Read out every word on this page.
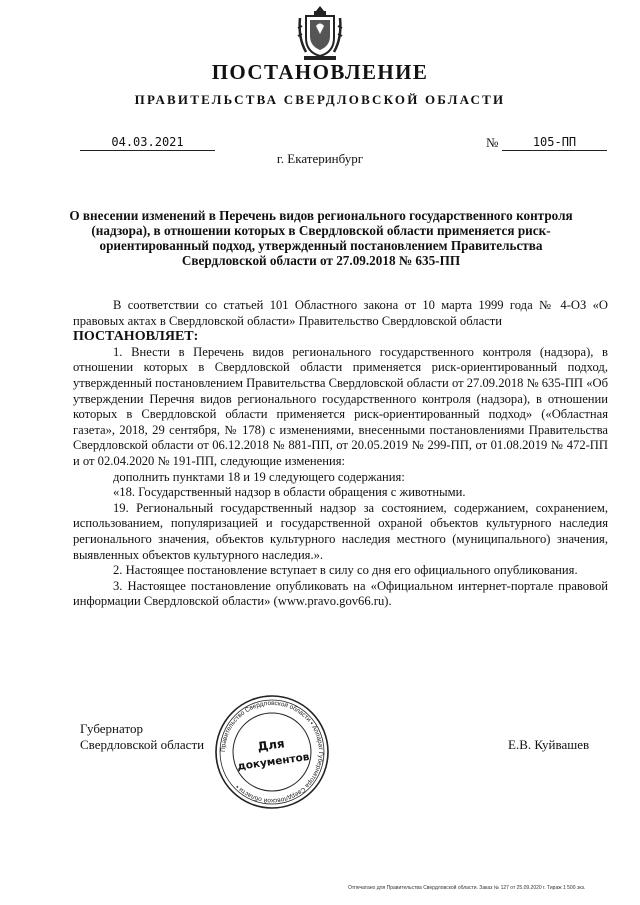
ПОСТАНОВЛЕНИЕ
ПРАВИТЕЛЬСТВА СВЕРДЛОВСКОЙ ОБЛАСТИ
04.03.2021	№	105-ПП
г. Екатеринбург
О внесении изменений в Перечень видов регионального государственного контроля (надзора), в отношении которых в Свердловской области применяется риск-ориентированный подход, утвержденный постановлением Правительства Свердловской области от 27.09.2018 № 635-ПП

В соответствии со статьей 101 Областного закона от 10 марта 1999 года № 4-ОЗ «О правовых актах в Свердловской области» Правительство Свердловской области

ПОСТАНОВЛЯЕТ:

1. Внести в Перечень видов регионального государственного контроля (надзора), в отношении которых в Свердловской области применяется риск-ориентированный подход, утвержденный постановлением Правительства Свердловской области от 27.09.2018 № 635-ПП «Об утверждении Перечня видов регионального государственного контроля (надзора), в отношении которых в Свердловской области применяется риск-ориентированный подход» («Областная газета», 2018, 29 сентября, № 178) с изменениями, внесенными постановлениями Правительства Свердловской области от 06.12.2018 № 881-ПП, от 20.05.2019 № 299-ПП, от 01.08.2019 № 472-ПП и от 02.04.2020 № 191-ПП, следующие изменения:

дополнить пунктами 18 и 19 следующего содержания:

«18. Государственный надзор в области обращения с животными.

19. Региональный государственный надзор за состоянием, содержанием, сохранением, использованием, популяризацией и государственной охраной объектов культурного наследия регионального значения, объектов культурного наследия местного (муниципального) значения, выявленных объектов культурного наследия.».

2. Настоящее постановление вступает в силу со дня его официального опубликования.

3. Настоящее постановление опубликовать на «Официальном интернет-портале правовой информации Свердловской области» (www.pravo.gov66.ru).

Губернатор
Свердловской области Правительство Свердловской области • Аппарат Губернатора Свердловской области •
Для
документов
Е.В. Куйвашев
Отпечатано для Правительства Свердловской области. Заказ № 127 от 25.09.2020 г. Тираж 1 500 экз.
